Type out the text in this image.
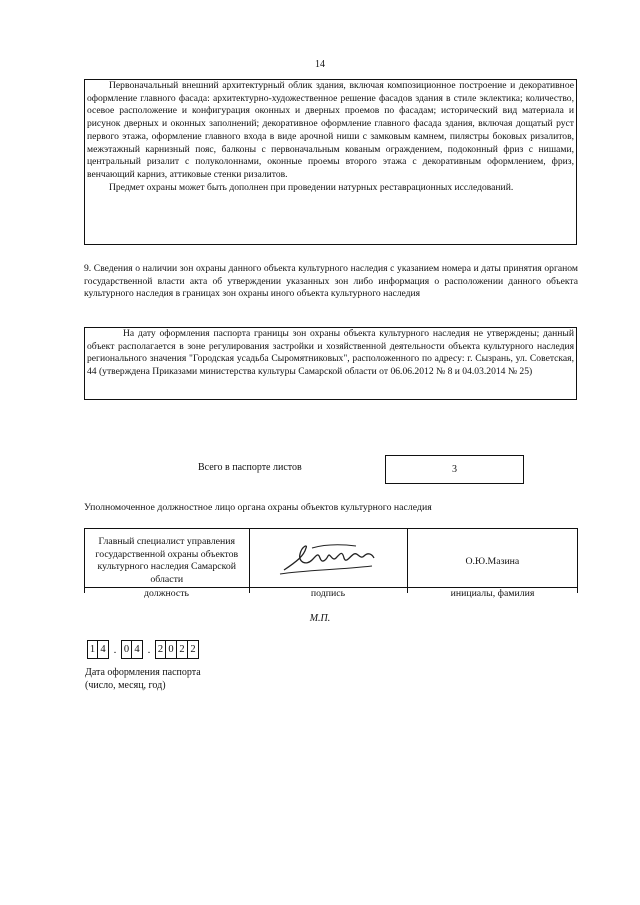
14

Первоначальный внешний архитектурный облик здания, включая композиционное построение и декоративное оформление главного фасада: архитектурно-художественное решение фасадов здания в стиле эклектика; количество, осевое расположение и конфигурация оконных и дверных проемов по фасадам; исторический вид материала и рисунок дверных и оконных заполнений; декоративное оформление главного фасада здания, включая дощатый руст первого этажа, оформление главного входа в виде арочной ниши с замковым камнем, пилястры боковых ризалитов, межэтажный карнизный пояс, балконы с первоначальным кованым ограждением, подоконный фриз с нишами, центральный ризалит с полуколоннами, оконные проемы второго этажа с декоративным оформлением, фриз, венчающий карниз, аттиковые стенки ризалитов.

Предмет охраны может быть дополнен при проведении натурных реставрационных исследований.

9. Сведения о наличии зон охраны данного объекта культурного наследия с указанием номера и даты принятия органом государственной власти акта об утверждении указанных зон либо информация о расположении данного объекта культурного наследия в границах зон охраны иного объекта культурного наследия

На дату оформления паспорта границы зон охраны объекта культурного наследия не утверждены; данный объект располагается в зоне регулирования застройки и хозяйственной деятельности объекта культурного наследия регионального значения "Городская усадьба Сыромятниковых", расположенного по адресу: г. Сызрань, ул. Советская, 44 (утверждена Приказами министерства культуры Самарской области от 06.06.2012 № 8 и 04.03.2014 № 25)

Всего в паспорте листов	3
Уполномоченное должностное лицо органа охраны объектов культурного наследия
Главный специалист управления государственной охраны объектов культурного наследия Самарской области		О.Ю.Мазина
должность	подпись	инициалы, фамилия
М.П.
1 4 . 0 4 . 2 0 2 2
Дата оформления паспорта
(число, месяц, год)
